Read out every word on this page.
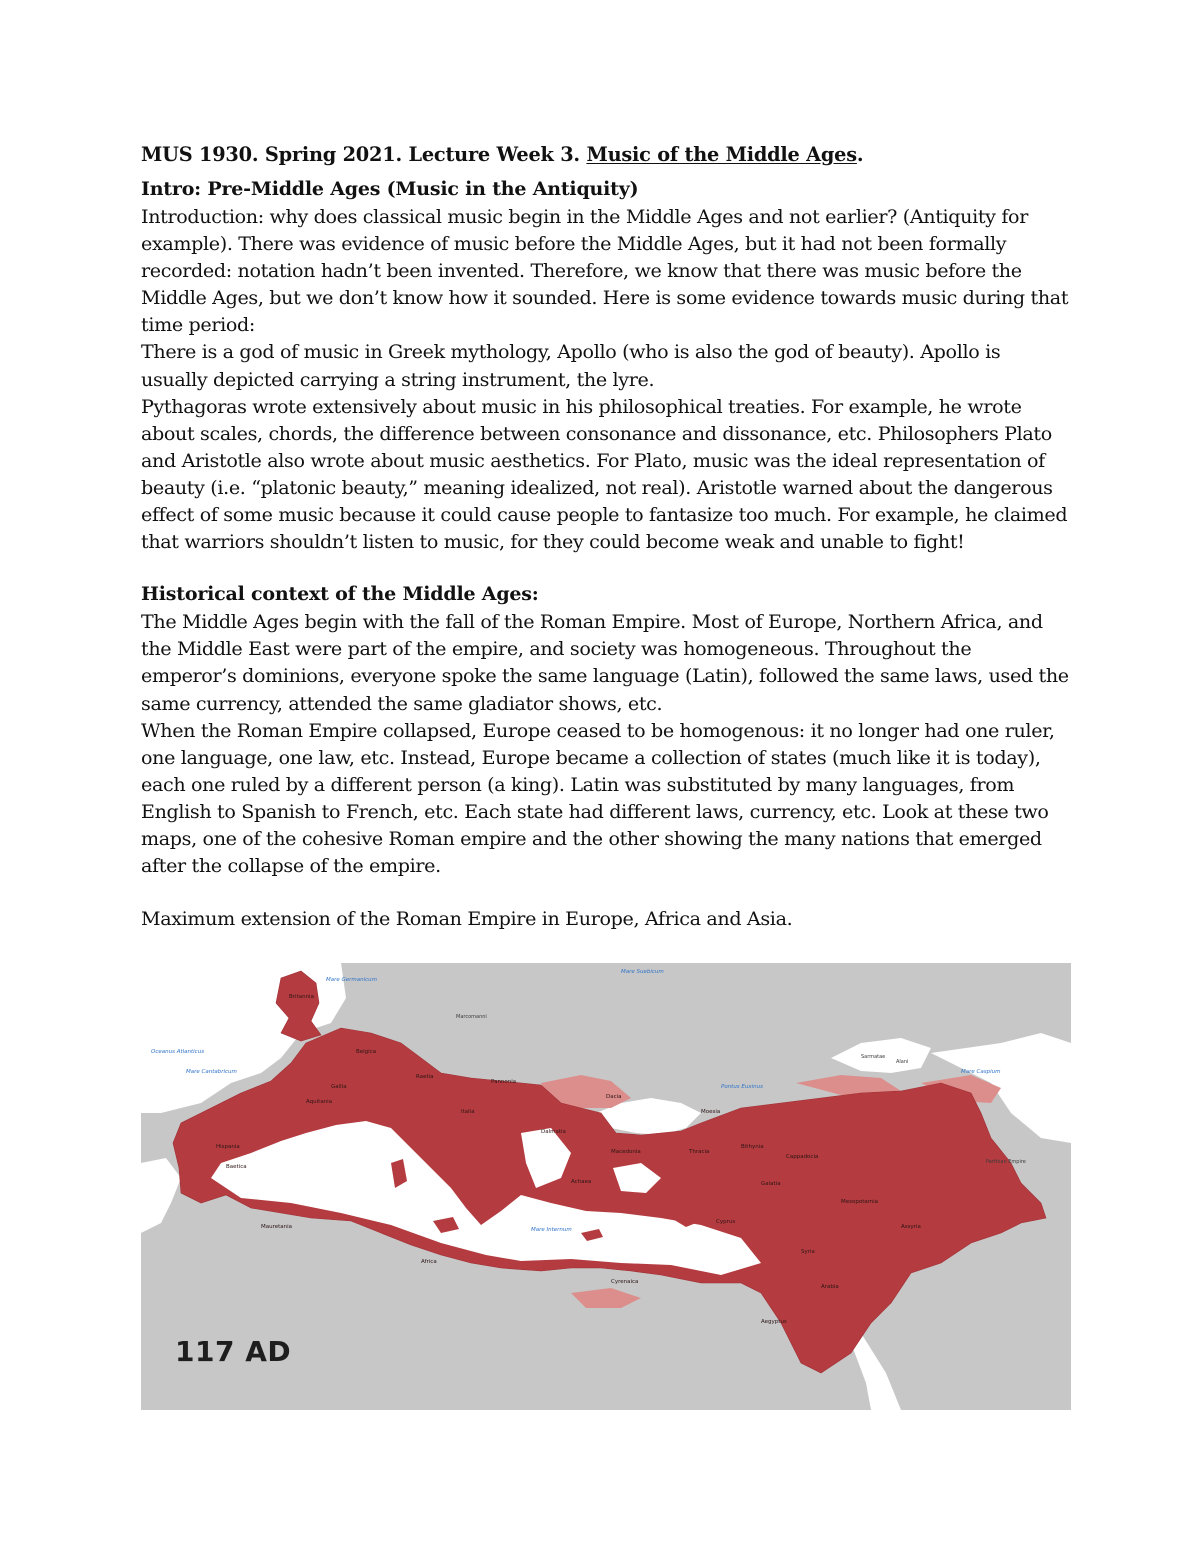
MUS 1930. Spring 2021. Lecture Week 3. Music of the Middle Ages.

Intro: Pre-Middle Ages (Music in the Antiquity)

Introduction: why does classical music begin in the Middle Ages and not earlier? (Antiquity for example). There was evidence of music before the Middle Ages, but it had not been formally recorded: notation hadn’t been invented. Therefore, we know that there was music before the Middle Ages, but we don’t know how it sounded. Here is some evidence towards music during that time period:

There is a god of music in Greek mythology, Apollo (who is also the god of beauty). Apollo is usually depicted carrying a string instrument, the lyre.

Pythagoras wrote extensively about music in his philosophical treaties. For example, he wrote about scales, chords, the difference between consonance and dissonance, etc. Philosophers Plato and Aristotle also wrote about music aesthetics. For Plato, music was the ideal representation of beauty (i.e. “platonic beauty,” meaning idealized, not real). Aristotle warned about the dangerous effect of some music because it could cause people to fantasize too much. For example, he claimed that warriors shouldn’t listen to music, for they could become weak and unable to fight!

Historical context of the Middle Ages:

The Middle Ages begin with the fall of the Roman Empire. Most of Europe, Northern Africa, and the Middle East were part of the empire, and society was homogeneous. Throughout the emperor’s dominions, everyone spoke the same language (Latin), followed the same laws, used the same currency, attended the same gladiator shows, etc.

When the Roman Empire collapsed, Europe ceased to be homogenous: it no longer had one ruler, one language, one law, etc. Instead, Europe became a collection of states (much like it is today), each one ruled by a different person (a king). Latin was substituted by many languages, from English to Spanish to French, etc. Each state had different laws, currency, etc. Look at these two maps, one of the cohesive Roman empire and the other showing the many nations that emerged after the collapse of the empire.

Maximum extension of the Roman Empire in Europe, Africa and Asia.

Britannia
Belgica
Gallia
Aquitania
Hispania
Baetica
Italia
Dalmatia
Macedonia	Thracia
Bithynia
Cappadocia
Galatia
Mesopotamia
Assyria
Syria
Cyrenaica
Aegyptus
Africa
Mauretania
Achaea
Moesia
Dacia
Pannonia
Raetia
Cyprus
Arabia
Oceanus Atlanticus
Mare Cantabricum
Mare Germanicum
Mare Internum
Pontus Euxinus
Mare Caspium
Mare Suebicum
Parthian Empire
Alani
Sarmatae
Marcomanni
117 AD
